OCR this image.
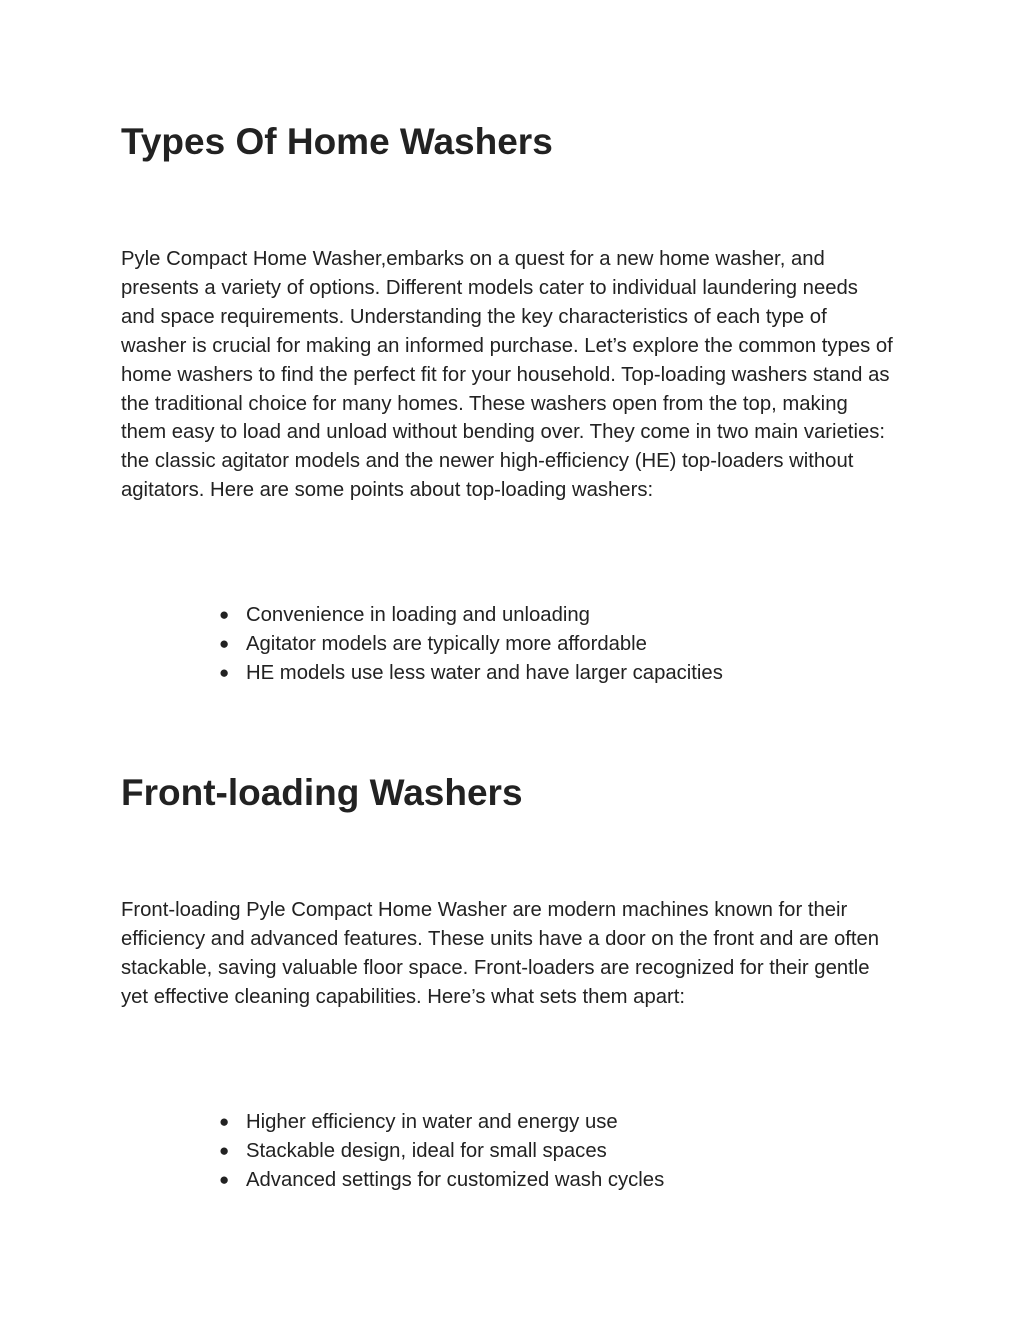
Types Of Home Washers

Pyle Compact Home Washer,embarks on a quest for a new home washer, and presents a variety of options. Different models cater to individual laundering needs and space requirements. Understanding the key characteristics of each type of washer is crucial for making an informed purchase. Let’s explore the common types of home washers to find the perfect fit for your household. Top-loading washers stand as the traditional choice for many homes. These washers open from the top, making them easy to load and unload without bending over. They come in two main varieties: the classic agitator models and the newer high-efficiency (HE) top-loaders without agitators. Here are some points about top-loading washers:

● Convenience in loading and unloading
● Agitator models are typically more affordable
● HE models use less water and have larger capacities
Front-loading Washers

Front-loading Pyle Compact Home Washer are modern machines known for their efficiency and advanced features. These units have a door on the front and are often stackable, saving valuable floor space. Front-loaders are recognized for their gentle yet effective cleaning capabilities. Here’s what sets them apart:

● Higher efficiency in water and energy use
● Stackable design, ideal for small spaces
● Advanced settings for customized wash cycles
